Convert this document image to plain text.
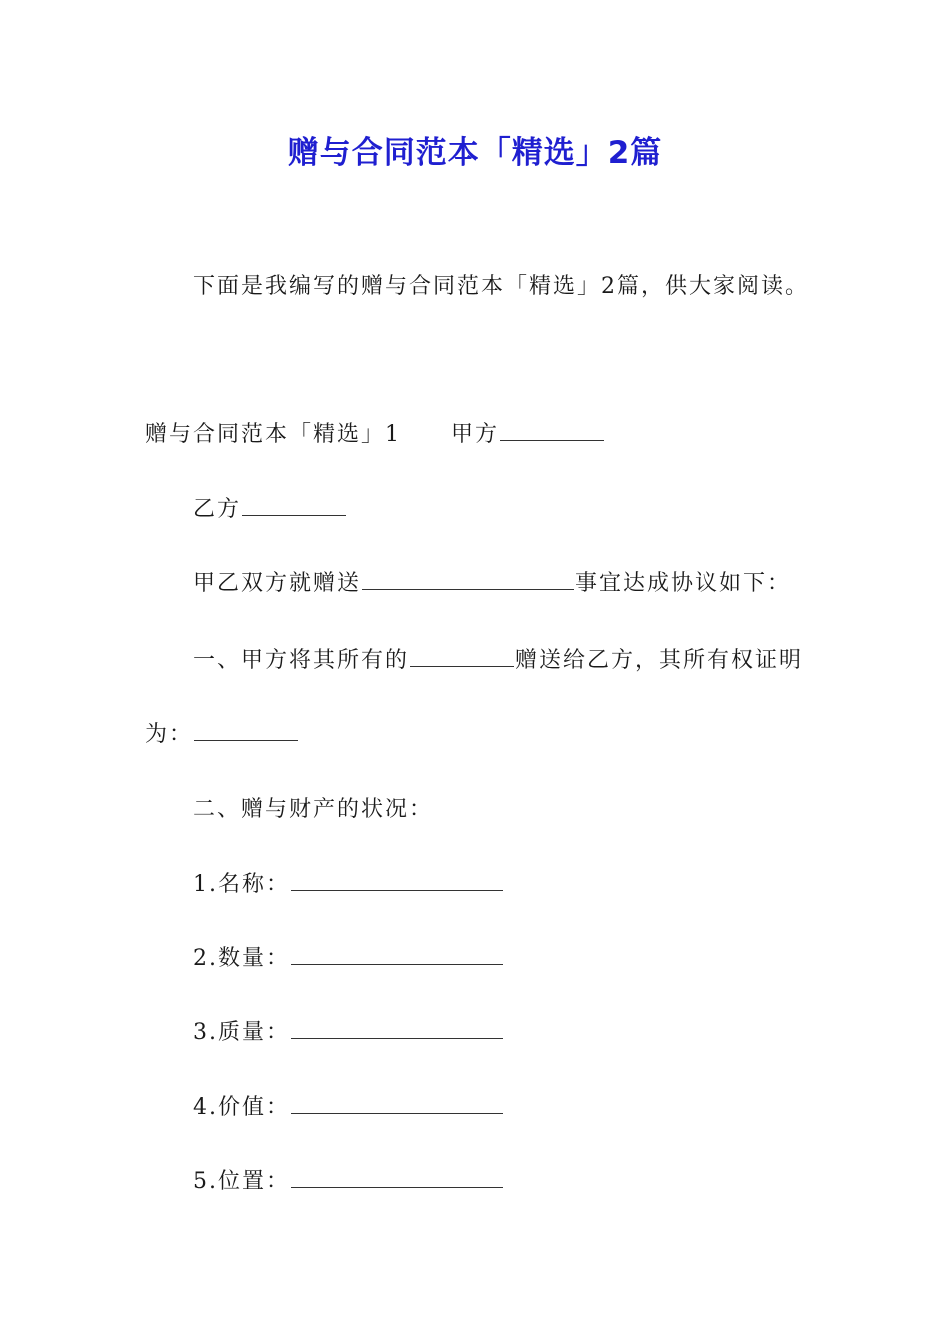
赠与合同范本「精选」2篇
下面是我编写的赠与合同范本「精选」2篇，供大家阅读。
赠与合同范本「精选」1 甲方
乙方
甲乙双方就赠送	事宜达成协议如下：
一、甲方将其所有的	赠送给乙方，其所有权证明
为：
二、赠与财产的状况：
1.名称：
2.数量：
3.质量：
4.价值：
5.位置：
